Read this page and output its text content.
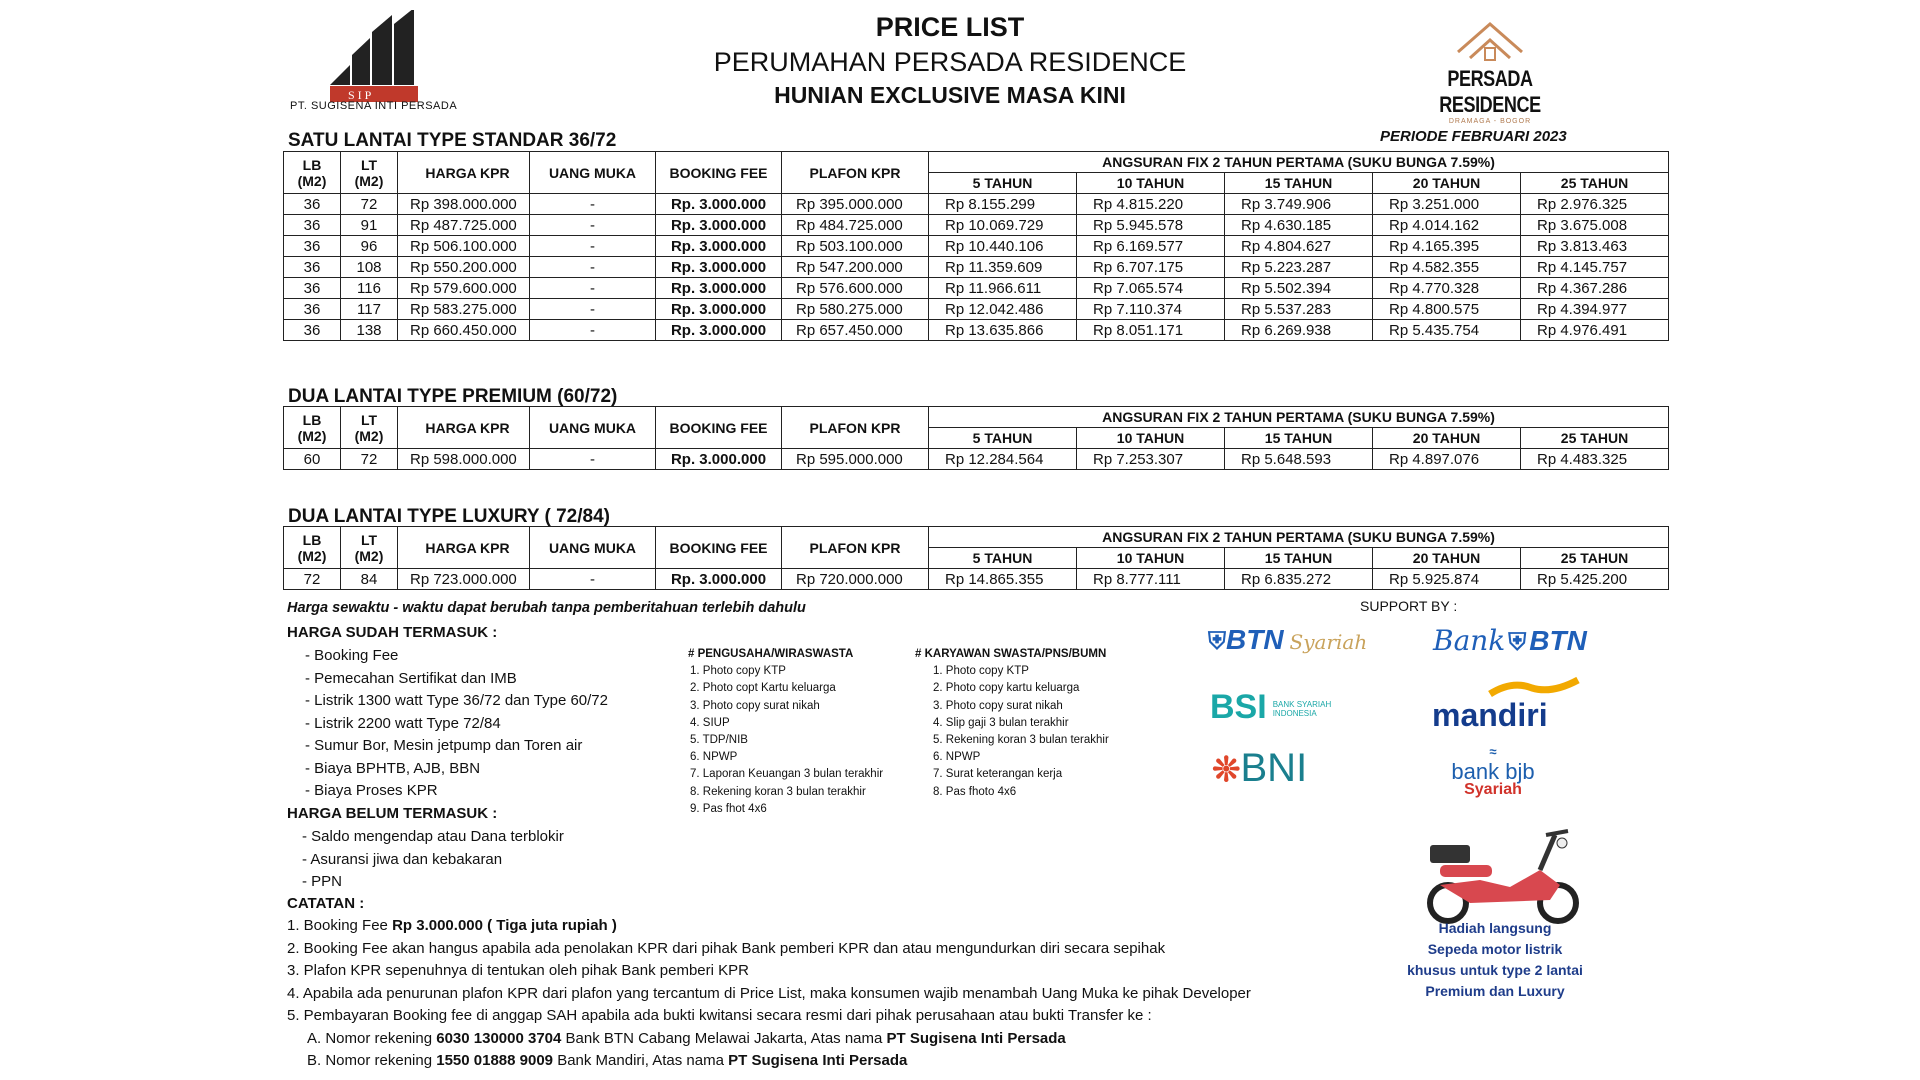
S I P
PT. SUGISENA INTI PERSADA
PRICE LIST
PERUMAHAN PERSADA RESIDENCE
HUNIAN EXCLUSIVE MASA KINI
PERSADA RESIDENCE
DRAMAGA - BOGOR
PERIODE FEBRUARI 2023
SATU LANTAI TYPE STANDAR 36/72
DUA LANTAI TYPE PREMIUM (60/72)
DUA LANTAI TYPE LUXURY ( 72/84)
LB
(M2)	LT
(M2)	HARGA KPR	UANG MUKA	BOOKING FEE	PLAFON KPR	ANGSURAN FIX 2 TAHUN PERTAMA (SUKU BUNGA 7.59%)				
						5 TAHUN	10 TAHUN	15 TAHUN	20 TAHUN	25 TAHUN
36	72	Rp 398.000.000	-	Rp. 3.000.000	Rp 395.000.000	Rp 8.155.299	Rp 4.815.220	Rp 3.749.906	Rp 3.251.000	Rp 2.976.325
36	91	Rp 487.725.000	-	Rp. 3.000.000	Rp 484.725.000	Rp 10.069.729	Rp 5.945.578	Rp 4.630.185	Rp 4.014.162	Rp 3.675.008
36	96	Rp 506.100.000	-	Rp. 3.000.000	Rp 503.100.000	Rp 10.440.106	Rp 6.169.577	Rp 4.804.627	Rp 4.165.395	Rp 3.813.463
36	108	Rp 550.200.000	-	Rp. 3.000.000	Rp 547.200.000	Rp 11.359.609	Rp 6.707.175	Rp 5.223.287	Rp 4.582.355	Rp 4.145.757
36	116	Rp 579.600.000	-	Rp. 3.000.000	Rp 576.600.000	Rp 11.966.611	Rp 7.065.574	Rp 5.502.394	Rp 4.770.328	Rp 4.367.286
36	117	Rp 583.275.000	-	Rp. 3.000.000	Rp 580.275.000	Rp 12.042.486	Rp 7.110.374	Rp 5.537.283	Rp 4.800.575	Rp 4.394.977
36	138	Rp 660.450.000	-	Rp. 3.000.000	Rp 657.450.000	Rp 13.635.866	Rp 8.051.171	Rp 6.269.938	Rp 5.435.754	Rp 4.976.491
LB
(M2)	LT
(M2)	HARGA KPR	UANG MUKA	BOOKING FEE	PLAFON KPR	ANGSURAN FIX 2 TAHUN PERTAMA (SUKU BUNGA 7.59%)				
						5 TAHUN	10 TAHUN	15 TAHUN	20 TAHUN	25 TAHUN
60	72	Rp 598.000.000	-	Rp. 3.000.000	Rp 595.000.000	Rp 12.284.564	Rp 7.253.307	Rp 5.648.593	Rp 4.897.076	Rp 4.483.325
LB
(M2)	LT
(M2)	HARGA KPR	UANG MUKA	BOOKING FEE	PLAFON KPR	ANGSURAN FIX 2 TAHUN PERTAMA (SUKU BUNGA 7.59%)				
						5 TAHUN	10 TAHUN	15 TAHUN	20 TAHUN	25 TAHUN
72	84	Rp 723.000.000	-	Rp. 3.000.000	Rp 720.000.000	Rp 14.865.355	Rp 8.777.111	Rp 6.835.272	Rp 5.925.874	Rp 5.425.200
Harga sewaktu - waktu dapat berubah tanpa pemberitahuan terlebih dahulu	SUPPORT BY :
HARGA SUDAH TERMASUK :
- Booking Fee
- Pemecahan Sertifikat dan IMB
- Listrik 1300 watt Type 36/72 dan Type 60/72
- Listrik 2200 watt Type 72/84
- Sumur Bor, Mesin jetpump dan Toren air
- Biaya BPHTB, AJB, BBN
- Biaya Proses KPR
HARGA BELUM TERMASUK :
- Saldo mengendap atau Dana terblokir
- Asuransi jiwa dan kebakaran
- PPN
# PENGUSAHA/WIRASWASTA
1. Photo copy KTP
2. Photo copt Kartu keluarga
3. Photo copy surat nikah
4. SIUP
5. TDP/NIB
6. NPWP
7. Laporan Keuangan 3 bulan terakhir
8. Rekening koran 3 bulan terakhir
9. Pas fhot 4x6
# KARYAWAN SWASTA/PNS/BUMN
1. Photo copy KTP
2. Photo copy kartu keluarga
3. Photo copy surat nikah
4. Slip gaji 3 bulan terakhir
5. Rekening koran 3 bulan terakhir
6. NPWP
7. Surat keterangan kerja
8. Pas fhoto 4x6
CATATAN :
1. Booking Fee Rp 3.000.000 ( Tiga juta rupiah )
2. Booking Fee akan hangus apabila ada penolakan KPR dari pihak Bank pemberi KPR dan atau mengundurkan diri secara sepihak
3. Plafon KPR sepenuhnya di tentukan oleh pihak Bank pemberi KPR
4. Apabila ada penurunan plafon KPR dari plafon yang tercantum di Price List, maka konsumen wajib menambah Uang Muka ke pihak Developer
5. Pembayaran Booking fee di anggap SAH apabila ada bukti kwitansi secara resmi dari pihak perusahaan atau bukti Transfer ke :
A. Nomor rekening 6030 130000 3704 Bank BTN Cabang Melawai Jakarta, Atas nama PT Sugisena Inti Persada
B. Nomor rekening 1550 01888 9009 Bank Mandiri, Atas nama PT Sugisena Inti Persada
⛨BTN Syariah Bank ⛨ BTN
BSI BANK SYARIAH INDONESIA	mandiri
❊BNI	≈
bank bjb
Syariah
Hadiah langsung
Sepeda motor listrik
khusus untuk type 2 lantai
Premium dan Luxury
